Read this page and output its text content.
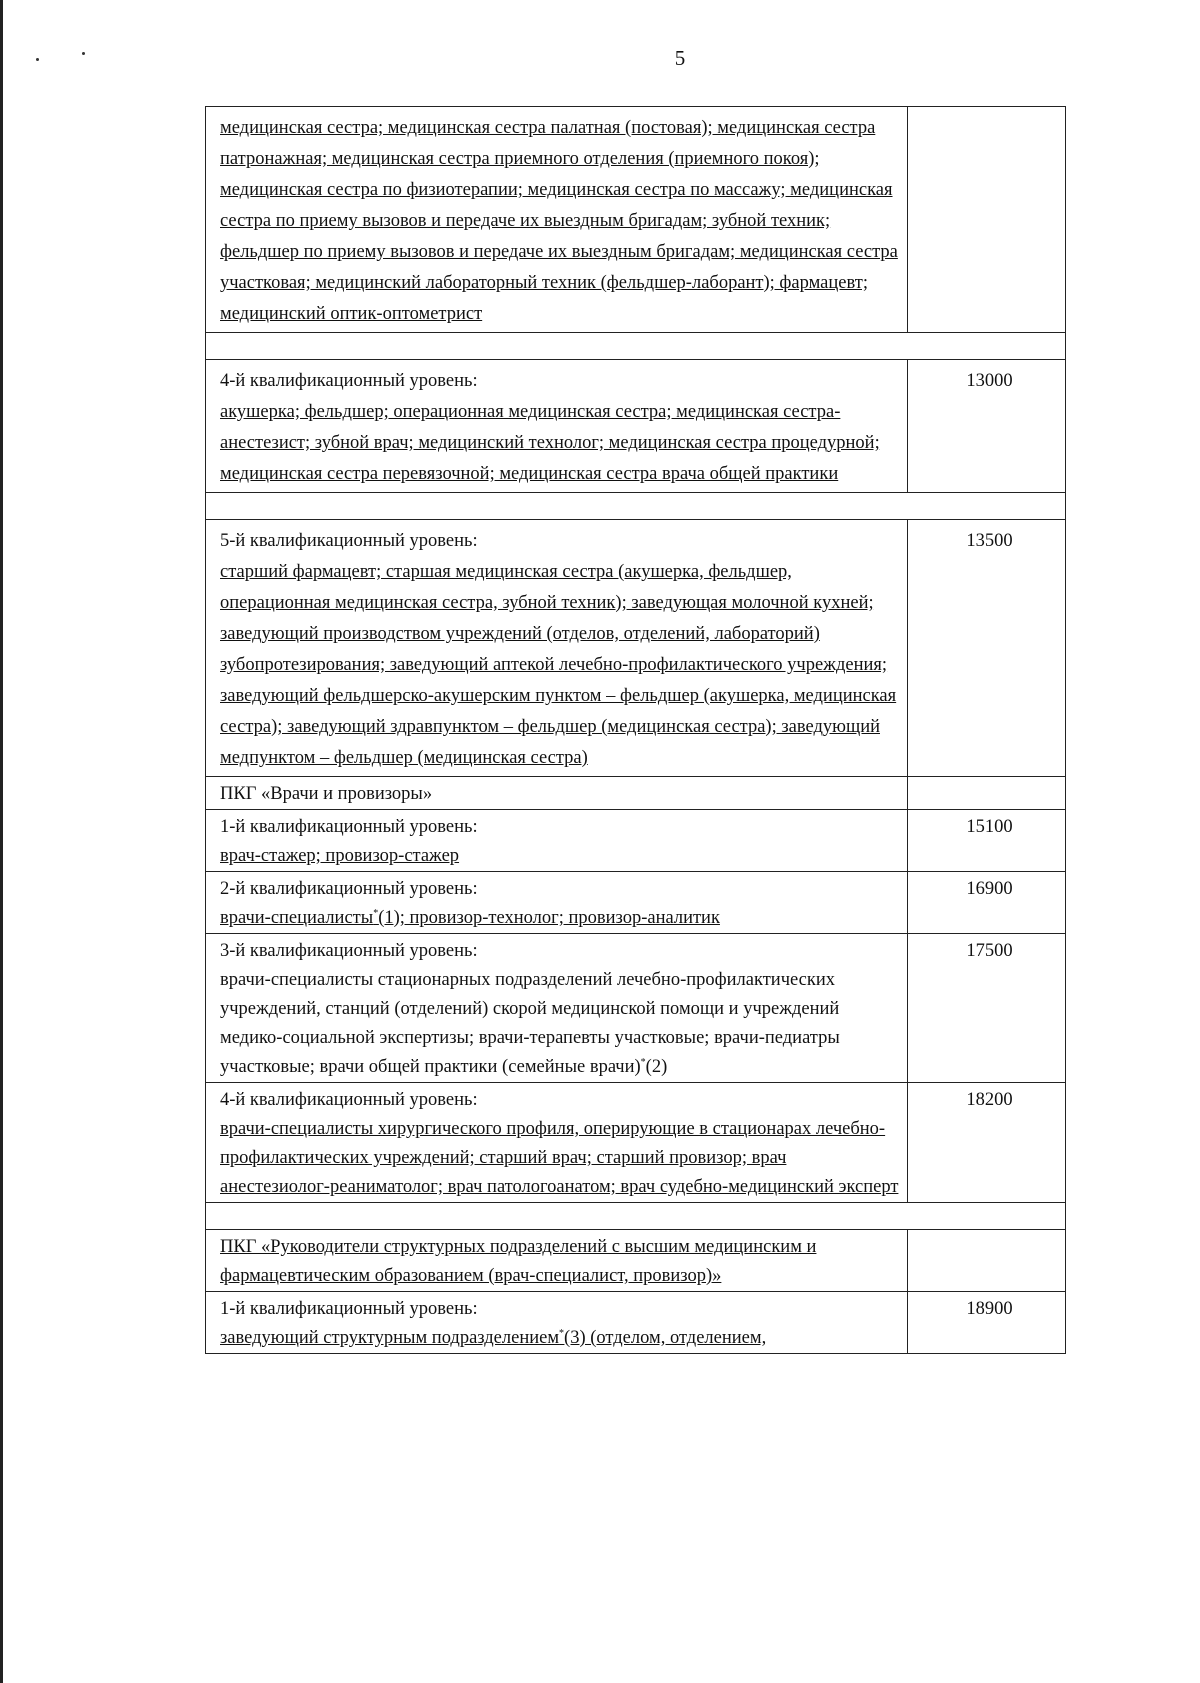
5
медицинская сестра; медицинская сестра палатная (постовая); медицинская сестра патронажная; медицинская сестра приемного отделения (приемного покоя); медицинская сестра по физиотерапии; медицинская сестра по массажу; медицинская сестра по приему вызовов и передаче их выездным бригадам; зубной техник; фельдшер по приему вызовов и передаче их выездным бригадам; медицинская сестра участковая; медицинский лабораторный техник (фельдшер-лаборант); фармацевт; медицинский оптик-оптометрист	

4-й квалификационный уровень:
акушерка; фельдшер; операционная медицинская сестра; медицинская сестра-анестезист; зубной врач; медицинский технолог; медицинская сестра процедурной; медицинская сестра перевязочной; медицинская сестра врача общей практики	13000

5-й квалификационный уровень:
старший фармацевт; старшая медицинская сестра (акушерка, фельдшер, операционная медицинская сестра, зубной техник); заведующая молочной кухней; заведующий производством учреждений (отделов, отделений, лабораторий) зубопротезирования; заведующий аптекой лечебно-профилактического учреждения; заведующий фельдшерско-акушерским пунктом – фельдшер (акушерка, медицинская сестра); заведующий здравпунктом – фельдшер (медицинская сестра); заведующий медпунктом – фельдшер (медицинская сестра)	13500
ПКГ «Врачи и провизоры»	

1-й квалификационный уровень:
врач-стажер; провизор-стажер	15100

2-й квалификационный уровень:
врачи-специалисты*(1); провизор-технолог; провизор-аналитик	16900

3-й квалификационный уровень:
врачи-специалисты стационарных подразделений лечебно-профилактических учреждений, станций (отделений) скорой медицинской помощи и учреждений медико-социальной экспертизы; врачи-терапевты участковые; врачи-педиатры участковые; врачи общей практики (семейные врачи)*(2)	17500

4-й квалификационный уровень:
врачи-специалисты хирургического профиля, оперирующие в стационарах лечебно-профилактических учреждений; старший врач; старший провизор; врач анестезиолог-реаниматолог; врач патологоанатом; врач судебно-медицинский эксперт	18200

ПКГ «Руководители структурных подразделений с высшим медицинским и фармацевтическим образованием (врач-специалист, провизор)»	

1-й квалификационный уровень:
заведующий структурным подразделением*(3) (отделом, отделением,	18900
